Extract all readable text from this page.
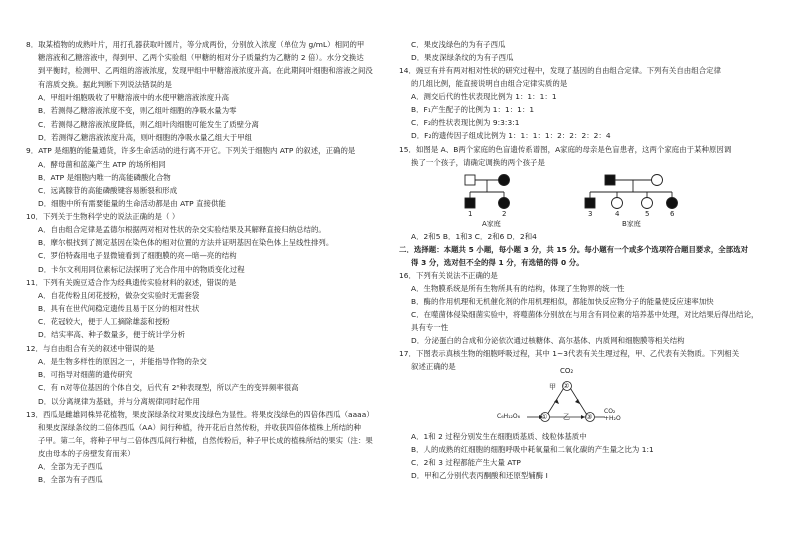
8．取某植物的成熟叶片，用打孔器获取叶圆片，等分成两份，分别放入浓度（单位为 g/mL）相同的甲
糖溶液和乙糖溶液中，得到甲、乙两个实验组（甲糖的相对分子质量约为乙糖的 2 倍）。水分交换达
到平衡时，检测甲、乙两组的溶液浓度，发现甲组中甲糖溶液浓度升高。在此期间叶细胞和溶液之间没
有溶质交换。据此判断下列说法错误的是
A．甲组叶细胞吸收了甲糖溶液中的水使甲糖溶液浓度升高
B．若测得乙糖溶液浓度不变，则乙组叶细胞的净吸水量为零
C．若测得乙糖溶液浓度降低，则乙组叶肉细胞可能发生了质壁分离
D．若测得乙糖溶液浓度升高，则叶细胞的净吸水量乙组大于甲组
9．ATP 是细胞的能量通货，许多生命活动的进行离不开它。下列关于细胞内 ATP 的叙述，正确的是
A．酵母菌和蓝藻产生 ATP 的场所相同
B．ATP 是细胞内唯一的高能磷酸化合物
C．远离腺苷的高能磷酸键容易断裂和形成
D．细胞中所有需要能量的生命活动都是由 ATP 直接供能
10．下列关于生物科学史的说法正确的是（ ）
A．自由组合定律是孟德尔根据两对相对性状的杂交实验结果及其解释直接归纳总结的。
B．摩尔根找到了测定基因在染色体的相对位置的方法并证明基因在染色体上呈线性排列。
C．罗伯特森用电子显微镜看到了细胞膜的亮—暗—亮的结构
D．卡尔文利用同位素标记法探明了光合作用中的物质变化过程
11．下列有关豌豆适合作为经典遗传实验材料的叙述，错误的是
A．自花传粉且闭花授粉，做杂交实验时无需套袋
B．具有在世代间稳定遗传且易于区分的相对性状
C．花冠较大，便于人工摘除雄蕊和授粉
D．结实率高、种子数量多，便于统计学分析
12．与自由组合有关的叙述中错误的是
A．是生物多样性的原因之一，并能指导作物的杂交
B．可指导对细菌的遗传研究
C．有 n对等位基因的个体自交，后代有 2ⁿ种表现型，所以产生的变异频率很高
D．以分离规律为基础，并与分离规律同时起作用
13．西瓜是雌雄同株异花植物，果皮深绿条纹对果皮浅绿色为显性。将果皮浅绿色的四倍体西瓜（aaaa）
和果皮深绿条纹的二倍体西瓜（AA）间行种植，待开花后自然传粉，并收获四倍体植株上所结的种
子甲。第二年，将种子甲与二倍体西瓜间行种植，自然传粉后，种子甲长成的植株所结的果实（注：果
皮由母本的子房壁发育而来）
A．全部为无子西瓜
B．全部为有子西瓜
C．果皮浅绿色的为有子西瓜
D．果皮深绿条纹的为有子西瓜
14．豌豆有并有两对相对性状的研究过程中，发现了基因的自由组合定律。下列有关自由组合定律
的几组比例，能直接说明自由组合定律实质的是
A．测交后代的性状表现比例为 1：1：1：1
B．F₁产生配子的比例为 1：1：1：1
C．F₂的性状表现比例为 9:3:3:1
D．F₂的遗传因子组成比例为 1：1：1：1：2：2：2：2：4
15．如图是 A、B两个家庭的色盲遗传系谱图，A家庭的母亲是色盲患者，这两个家庭由于某种原因调
换了一个孩子，请确定调换的两个孩子是
1	2	3	4	5	6
A家庭	B家庭
A．2和5 B．1和3 C．2和6 D．2和4
二．选择题：本题共 5 小题，每小题 3 分，共 15 分。每小题有一个或多个选项符合题目要求，全部选对
得 3 分，选对但不全的得 1 分，有选错的得 0 分。
16．下列有关说法不正确的是
A．生物膜系统是所有生物所具有的结构，体现了生物界的统一性
B．酶的作用机理和无机催化剂的作用机理相似，都能加快反应物分子的能量使反应速率加快
C．在噬菌体侵染细菌实验中，将噬菌体分别放在与用含有同位素的培养基中处理，对比结果后得出结论，
具有专一性
D．分泌蛋白的合成和分泌依次通过核糖体、高尔基体、内质网和细胞膜等相关结构
17．下图表示真核生物的细胞呼吸过程，其中 1~3代表有关生理过程，甲、乙代表有关物质。下列相关
叙述正确的是	CO₂
甲 ②
C₆H₁₂O₆	① 乙 ③
CO₂
+H₂O
A．1和 2 过程分别发生在细胞质基质、线粒体基质中
B．人的成熟的红细胞的细胞呼吸中耗氧量和二氧化碳的产生量之比为 1:1
C．2和 3 过程都能产生大量 ATP
D．甲和乙分别代表丙酮酸和还原型辅酶 Ⅰ
